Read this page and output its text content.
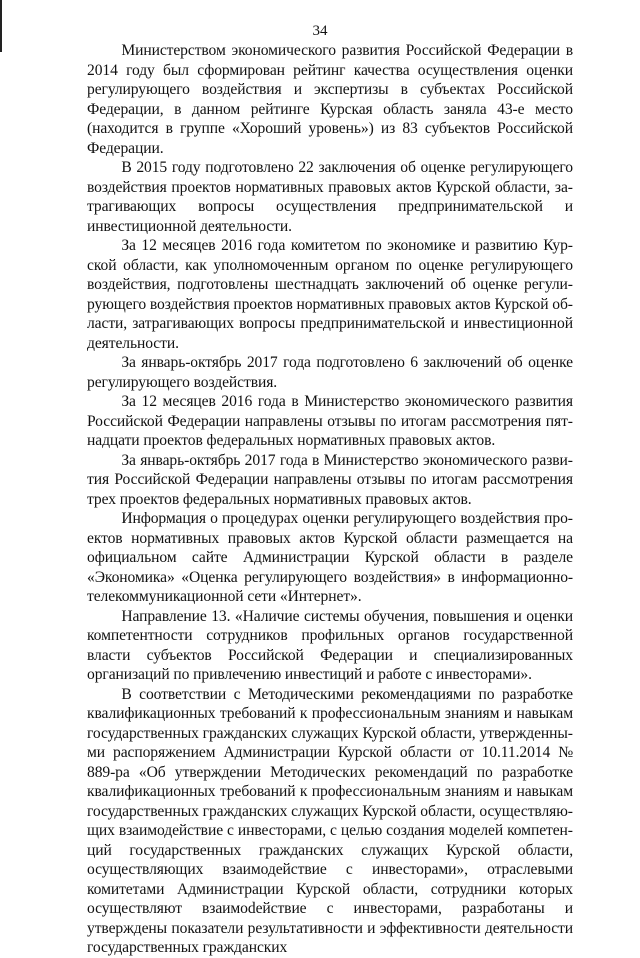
34

Министерством экономического развития Российской Федерации в 2014 году был сформирован рейтинг качества осуществления оценки регулирующего воздействия и экспертизы в субъектах Российской Федерации, в данном рейтинге Курская область заняла 43-е место (находится в группе «Хороший уровень») из 83 субъектов Российской Федерации.

В 2015 году подготовлено 22 заключения об оценке регулирующего воздействия проектов нормативных правовых актов Курской области, затрагивающих вопросы осуществления предпринимательской и инвестиционной деятельности.

За 12 месяцев 2016 года комитетом по экономике и развитию Курской области, как уполномоченным органом по оценке регулирующего воздействия, подготовлены шестнадцать заключений об оценке регулирующего воздействия проектов нормативных правовых актов Курской области, затрагивающих вопросы предпринимательской и инвестиционной деятельности.

За январь-октябрь 2017 года подготовлено 6 заключений об оценке регулирующего воздействия.

За 12 месяцев 2016 года в Министерство экономического развития Российской Федерации направлены отзывы по итогам рассмотрения пятнадцати проектов федеральных нормативных правовых актов.

За январь-октябрь 2017 года в Министерство экономического развития Российской Федерации направлены отзывы по итогам рассмотрения трех проектов федеральных нормативных правовых актов.

Информация о процедурах оценки регулирующего воздействия проектов нормативных правовых актов Курской области размещается на официальном сайте Администрации Курской области в разделе «Экономика» «Оценка регулирующего воздействия» в информационно-телекоммуникационной сети «Интернет».

Направление 13. «Наличие системы обучения, повышения и оценки компетентности сотрудников профильных органов государственной власти субъектов Российской Федерации и специализированных организаций по привлечению инвестиций и работе с инвесторами».

В соответствии с Методическими рекомендациями по разработке квалификационных требований к профессиональным знаниям и навыкам государственных гражданских служащих Курской области, утвержденными распоряжением Администрации Курской области от 10.11.2014 № 889-ра «Об утверждении Методических рекомендаций по разработке квалификационных требований к профессиональным знаниям и навыкам государственных гражданских служащих Курской области, осуществляющих взаимодействие с инвесторами, с целью создания моделей компетенций государственных гражданских служащих Курской области, осуществляющих взаимодействие с инвесторами», отраслевыми комитетами Администрации Курской области, сотрудники которых осуществляют взаимоdействие с инвесторами, разработаны и утверждены показатели результативности и эффективности деятельности государственных гражданских
